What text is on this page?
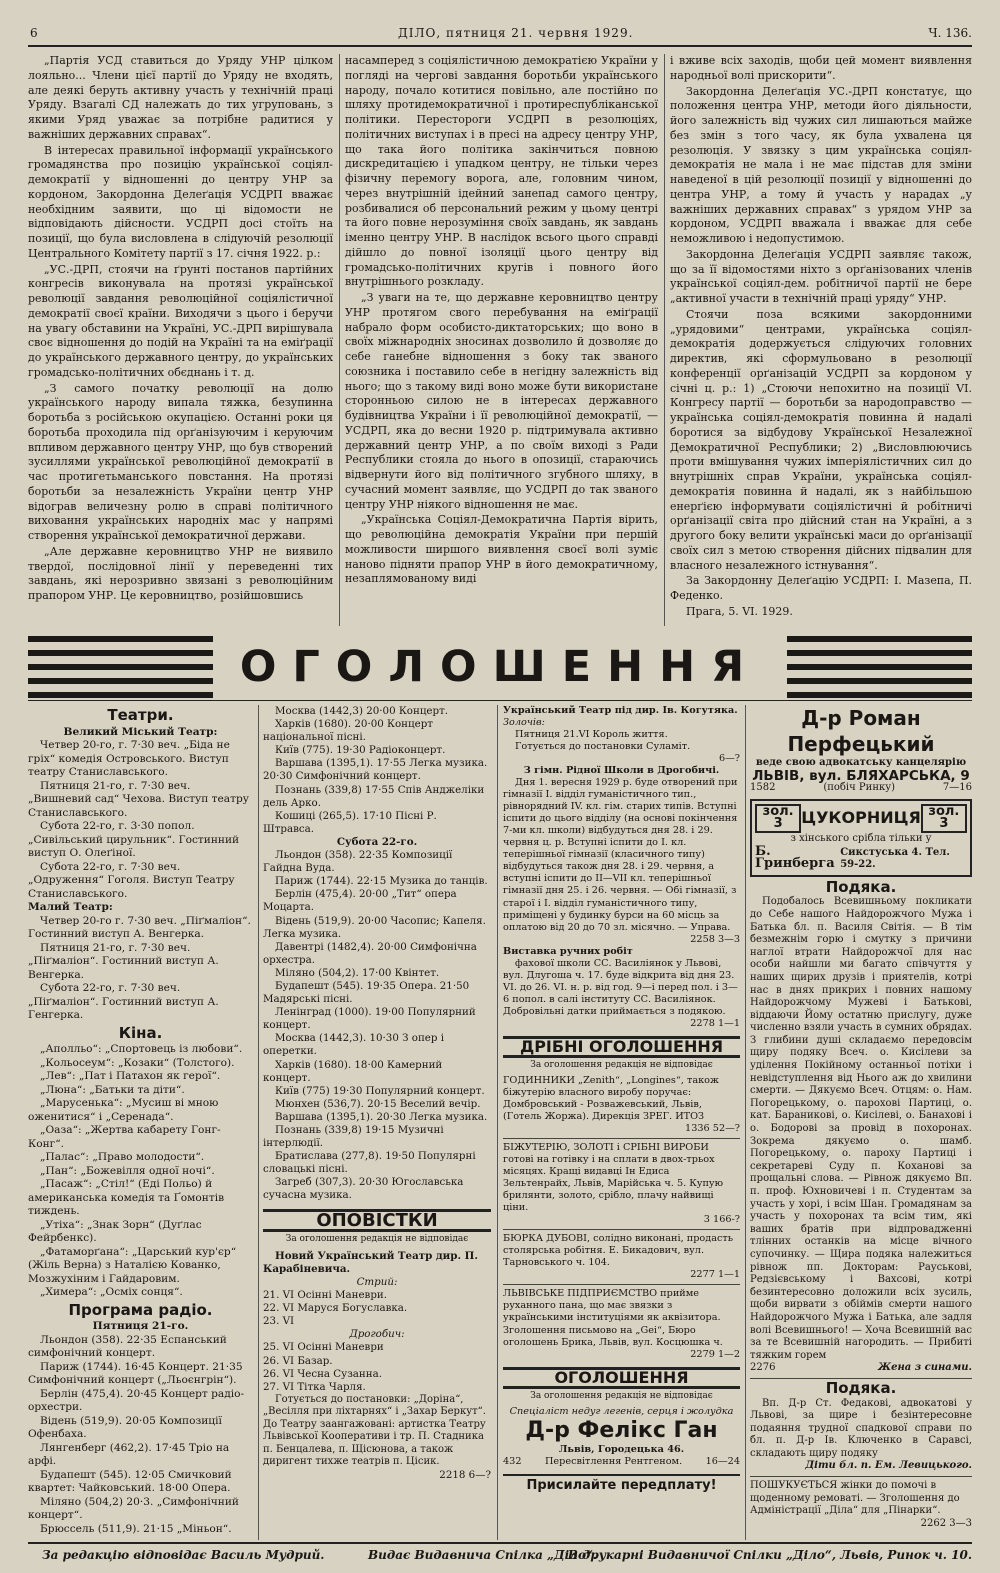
6	ДІЛО, пятниця 21. червня 1929.	Ч. 136.

„Партія УСД ставиться до Уряду УНР цілком лояльно... Члени цієї партії до Уряду не входять, але деякі беруть активну участь у технічній праці Уряду. Взагалі СД належать до тих угруповань, з якими Уряд уважає за потрібне радитися у важніших державних справах“.

В інтересах правильної інформації українського громадянства про позицію української соціял-демократії у відношенні до центру УНР за кордоном, Закордонна Делеґація УСДРП вважає необхідним заявити, що ці відомости не відповідають дійсности. УСДРП досі стоїть на позиції, що була висловлена в слідуючій резолюції Центрального Комітету партії з 17. січня 1922. р.:

„УС.-ДРП, стоячи на ґрунті постанов партійних конгресів виконувала на протязі української революції завдання революційної соціялістичної демократії своєї країни. Виходячи з цього і беручи на увагу обставини на Україні, УС.-ДРП вирішувала своє відношення до подій на Україні та на еміґрації до українського державного центру, до українських громадсько-політичних обєднань і т. д.

„З самого початку революції на долю українського народу випала тяжка, безупинна боротьба з російською окупацією. Останні роки ця боротьба проходила під орґанізуючим і керуючим впливом державного центру УНР, що був створений зусиллями української революційної демократії в час протигетьманського повстання. На протязі боротьби за незалежність України центр УНР відограв величезну ролю в справі політичного виховання українських народніх мас у напрямі створення української демократичної держави.

„Але державне керовництво УНР не виявило твердої, послідовної лінії у переведенні тих завдань, які нерозривно звязані з революційним прапором УНР. Це керовництво, розійшовшись

насамперед з соціялістичною демократією України у погляді на чергові завдання боротьби українського народу, почало котитися повільно, але постійно по шляху протидемократичної і протиреспубліканської політики. Перестороги УСДРП в резолюціях, політичних виступах і в пресі на адресу центру УНР, що така його політика закінчиться повною дискредитацією і упадком центру, не тільки через фізичну перемогу ворога, але, головним чином, через внутрішній ідейний занепад самого центру, розбивалися об персональний режим у цьому центрі та його повне нерозуміння своїх завдань, як завдань іменно центру УНР. В наслідок всього цього справді дійшло до повної ізоляції цього центру від громадсько-політичних кругів і повного його внутрішнього розкладу.

„З уваги на те, що державне керовництво центру УНР протягом свого перебування на еміґрації набрало форм особисто-диктаторських; що воно в своїх міжнародніх зносинах дозволило й дозволяє до себе ганебне відношення з боку так званого союзника і поставило себе в негідну залежність від нього; що з такому виді воно може бути використане сторонньою силою не в інтересах державного будівництва України і її революційної демократії, — УСДРП, яка до весни 1920 р. підтримувала активно державний центр УНР, а по своїм виході з Ради Республики стояла до нього в опозиції, стараючись відвернути його від політичного згубного шляху, в сучасний момент заявляє, що УСДРП до так званого центру УНР ніякого відношення не має.

„Українська Соціял-Демократична Партія вірить, що революційна демократія України при першій можливости ширшого виявлення своєї волі зуміє наново підняти прапор УНР в його демократичному, незаплямованому виді

і вживе всіх заходів, щоби цей момент виявлення народньої волі прискорити“.

Закордонна Делеґація УС.-ДРП констатує, що положення центра УНР, методи його діяльности, його залежність від чужих сил лишаються майже без змін з того часу, як була ухвалена ця резолюція. У звязку з цим українська соціял-демократія не мала і не має підстав для зміни наведеної в цій резолюції позиції у відношенні до центра УНР, а тому й участь у нарадах „у важніших державних справах“ з урядом УНР за кордоном, УСДРП вважала і вважає для себе неможливою і недопустимою.

Закордонна Делеґація УСДРП заявляє також, що за її відомостями ніхто з орґанізованих членів української соціял-дем. робітничої партії не бере „активної участи в технічній праці уряду“ УНР.

Стоячи поза всякими закордонними „урядовими“ центрами, українська соціял-демократія додержується слідуючих головних директив, які сформульовано в резолюції конференції орґанізацій УСДРП за кордоном у січні ц. р.: 1) „Стоючи непохитно на позиції VI. Конгресу партії — боротьби за народоправство — українська соціял-демократія повинна й надалі боротися за відбудову Української Незалежної Демократичної Республики; 2) „Висловлюючись проти вмішування чужих імперіялістичних сил до внутрішніх справ України, українська соціял-демократія повинна й надалі, як з найбільшою енерґією інформувати соціялістичні й робітничі орґанізації світа про дійсний стан на Україні, а з другого боку велити українські маси до орґанізації своїх сил з метою створення дійсних підвалин для власного незалежного істнування“.

За Закордонну Делеґацію УСДРП: І. Мазепа, П. Феденко.

Прага, 5. VI. 1929.

ОГОЛОШЕННЯ
Театри.

Великий Міський Театр:

Четвер 20-го, г. 7·30 веч. „Біда не гріх“ комедія Островського. Виступ театру Станиславського.

Пятниця 21-го, г. 7·30 веч. „Вишневий сад“ Чехова. Виступ театру Станиславського.

Субота 22-го, г. 3·30 попол. „Сивільський цирульник“. Гостинний виступ О. Олеґіної.

Субота 22-го, г. 7·30 веч. „Одруження“ Гоголя. Виступ Театру Станиславського.

Малий Театр:

Четвер 20-го г. 7·30 веч. „Піґмаліон“. Гостинний виступ А. Венгерка.

Пятниця 21-го, г. 7·30 веч. „Піґмаліон“. Гостинний виступ А. Венгерка.

Субота 22-го, г. 7·30 веч. „Піґмаліон“. Гостинний виступ А. Генгерка.

Кіна.

„Аполльо“: „Спортовець із любови“.

„Кольосеум“: „Козаки“ (Толстого).

„Лев“: „Пат і Патахон як герої“.

„Люна“: „Батьки та діти“.

„Марусенька“: „Мусиш ві мною оженитися“ і „Серенада“.

„Оаза“: „Жертва кабарету Гонг-Конг“.

„Палас“: „Право молодости“.

„Пан“: „Божевілля одної ночі“.

„Пасаж“: „Стіл!“ (Еді Польо) й американська комедія та Ґомонтів тиждень.

„Утіха“: „Знак Зорн“ (Дуґлас Фейрбенкс).

„Фатаморґана“: „Царський кур'єр“ (Жіль Верна) з Наталією Кованко, Мозжухіним і Гайдаровим.

„Химера“: „Осміх сонця“.

Програма радіо.

Пятниця 21-го.

Льондон (358). 22·35 Еспанський симфонічний концерт.

Париж (1744). 16·45 Концерт. 21·35 Симфонічний концерт („Льоєнгрін“).

Берлін (475,4). 20·45 Концерт радіо-орхестри.

Відень (519,9). 20·05 Композиції Офенбаха.

Лянгенберг (462,2). 17·45 Тріо на арфі.

Будапешт (545). 12·05 Смичковий квартет: Чайковський. 18·00 Опера.

Міляно (504,2) 20·3. „Симфонічний концерт“.

Брюссель (511,9). 21·15 „Міньон“.

Москва (1442,3) 20·00 Концерт.

Харків (1680). 20·00 Концерт національної пісні.

Київ (775). 19·30 Радіоконцерт.

Варшава (1395,1). 17·55 Легка музика. 20·30 Симфонічний концерт.

Познань (339,8) 17·55 Спів Анджеліки дель Арко.

Кошиці (265,5). 17·10 Пісні Р. Штравса.

Субота 22-го.

Льондон (358). 22·35 Композиції Гайдна Вуда.

Париж (1744). 22·15 Музика до танців.

Берлін (475,4). 20·00 „Тит“ опера Моцарта.

Відень (519,9). 20·00 Часопис; Капеля. Легка музика.

Давентрі (1482,4). 20·00 Симфонічна орхестра.

Міляно (504,2). 17·00 Квінтет.

Будапешт (545). 19·35 Опера. 21·50 Мадярські пісні.

Ленінград (1000). 19·00 Популярний концерт.

Москва (1442,3). 10·30 З опер і оперетки.

Харків (1680). 18·00 Камерний концерт.

Київ (775) 19·30 Популярний концерт.

Мюнхен (536,7). 20·15 Веселий вечір.

Варшава (1395,1). 20·30 Легка музика.

Познань (339,8) 19·15 Музичні інтерлюдії.

Братислава (277,8). 19·50 Популярні словацькі пісні.

Загреб (307,3). 20·30 Югославська сучасна музика.

ОПОВІСТКИ
За оголошення редакція не відповідає

Новий Український Театр дир. П. Карабіневича.

Стрий:

21. VI Осінні Маневри.

22. VI Маруся Богуславка.

23. VI

Дрогобич:

25. VI Осінні Маневри

26. VI Базар.

26. VI Чесна Сузанна.

27. VI Тітка Чарля.

Готується до постановки: „Доріна“, „Весілля при ліхтарнях“ і „Захар Беркут“. До Театру заангажовані: артистка Театру Львівської Кооперативи і тр. П. Стадника п. Бенцалева, п. Щісюнова, а також диригент тихже театрів п. Цісик.

2218 6—?

Український Театр під дир. Ів. Когутяка.

Золочів:

Пятниця 21.VI Король життя.

Готується до постановки Суламіт.

6—?

З гімн. Рідної Школи в Дрогобичі.

Дня 1. вересня 1929 р. буде отворений при гімназії І. відділ гуманістичного тип., рівнорядний IV. кл. гім. старих типів. Вступні іспити до цього відділу (на основі покінчення 7-ми кл. школи) відбудуться дня 28. і 29. червня ц. р. Вступні іспити до І. кл. теперішньої гімназії (класичного типу) відбудуться також дня 28. і 29. червня, а вступні іспити до II—VII кл. теперішньої гімназії дня 25. і 26. червня. — Обі гімназії, з старої і І. відділ гуманістичного типу, приміщені у будинку бурси на 60 місць за оплатою від 20 до 70 зл. місячно. — Управа.

2258 3—3

Виставка ручних робіт

фахової школи СС. Василіянок у Львові, вул. Длугоша ч. 17. буде відкрита від дня 23. VI. до 26. VI. н. р. від год. 9—і перед пол. і 3—6 попол. в салі інституту СС. Василіянок. Добровільні датки приймається з подякою.

2278 1—1

ДРІБНІ ОГОЛОШЕННЯ
За оголошення редакція не відповідає

ГОДИННИКИ „Zenith“, „Longines“, також біжутерію власного виробу поручає: Домбровський - Розважевський, Львів, (Готель Жоржа). Дирекція ЗРЕГ. ИТОЗ

1336 52—?

БІЖУТЕРІЮ, ЗОЛОТІ і СРІБНІ ВИРОБИ готові на готівку і на сплати в двох-трьох місяцях. Кращі видавці Ін Едиса Зельтенрайх, Львів, Марійська ч. 5. Купую брилянти, золото, срібло, плачу найвищі ціни.

3 166-?

БЮРКА ДУБОВІ, солідно виконані, продасть столярська робітня. Е. Бикадович, вул. Тарновського ч. 104.

2277 1—1

ЛЬВІВСЬКЕ ПІДПРИЄМСТВО прийме руханного пана, що має звязки з українськими інституціями як аквізитора. Зголошення письмово на „Gei“, Бюро оголошень Брика, Львів, вул. Косцюшка ч.

2279 1—2

ОГОЛОШЕННЯ
За оголошення редакція не відповідає

Спеціаліст недуг легенів, серця і жолудка

Д-р Фелікс Ган

Львів, Городецька 46.

432 Пересвітлення Рентгеном. 16—24

Присилайте передплату!

Д-р Роман Перфецький

веде свою адвокатську канцелярію

ЛЬВІВ, вул. БЛЯХАРСЬКА, 9

1582	(побіч Ринку)	7—16

зол. 3	ЦУКОРНИЦЯ зол. 3

з хінського срібла тільки у

Б. Гринберга
Сикстуська 4. Тел. 59-22.

Подяка.

Подобалось Всевишньому покликати до Себе нашого Найдорожчого Мужа і Батька бл. п. Василя Світія. — В тім безмежнім горю і смутку з причини наглої втрати Найдорожчої для нас особи найшли ми багато співчуття у наших щирих друзів і приятелів, котрі нас в днях прикрих і повних нашому Найдорожчому Мужеві і Батькові, віддаючи Йому остатню прислугу, дуже численно взяли участь в сумних обрядах. З глибини душі складаємо передовсім щиру подяку Всеч. о. Кисілеви за уділення Покійному останньої потіхи і невідступлення від Нього аж до хвилини смерти. — Дякуємо Всеч. Отцям: о. Нам. Погорецькому, о. пароховi Партиці, о. кат. Бараникові, о. Кисілеві, о. Банаховi і о. Бодорові за провід в похоронах. Зокрема дякуємо о. шамб. Погорецькому, о. пароху Партиці і секретареві Суду п. Кохановi за прощальні слова. — Рівнож дякуємо Вп. п. проф. Юхновичеві і п. Студентам за участь у хорі, і всім Шан. Громадянам за участь у похоронах та всім тим, які ваших братів при відпровадженні тлінних останків на місце вічного супочинку. — Щира подяка належиться рівнож пп. Докторам: Рауськові, Редзієвському і Вахсові, котрі безинтересовно доложили всіх зусиль, щоби вирвати з обіймів смерти нашого Найдорожчого Мужа і Батька, але задля волі Всевишнього! — Хоча Всевишній вас за те Всевишній нагородить. — Прибиті тяжким горем

2276	Жена з синами.

Подяка.

Вп. Д-р Ст. Федакові, адвокатові у Львові, за щире і безінтересовне подаяння трудної спадкової справи по бл. п. Д-р Ів. Ключенко в Саравсі, складають щиру подяку

Діти бл. п. Ем. Левицького.

ПОШУКУЄТЬСЯ жінки до помочі в щоденному ремоваті. — Зголошення до Адміністрації „Діла“ для „Пінарки“.

2262 3—3

За редакцію відповідає Василь Мудрий.	Видає Видавнича Спілка „Діло“.
В друкарні Видавничої Спілки „Діло“, Львів, Ринок ч. 10.
